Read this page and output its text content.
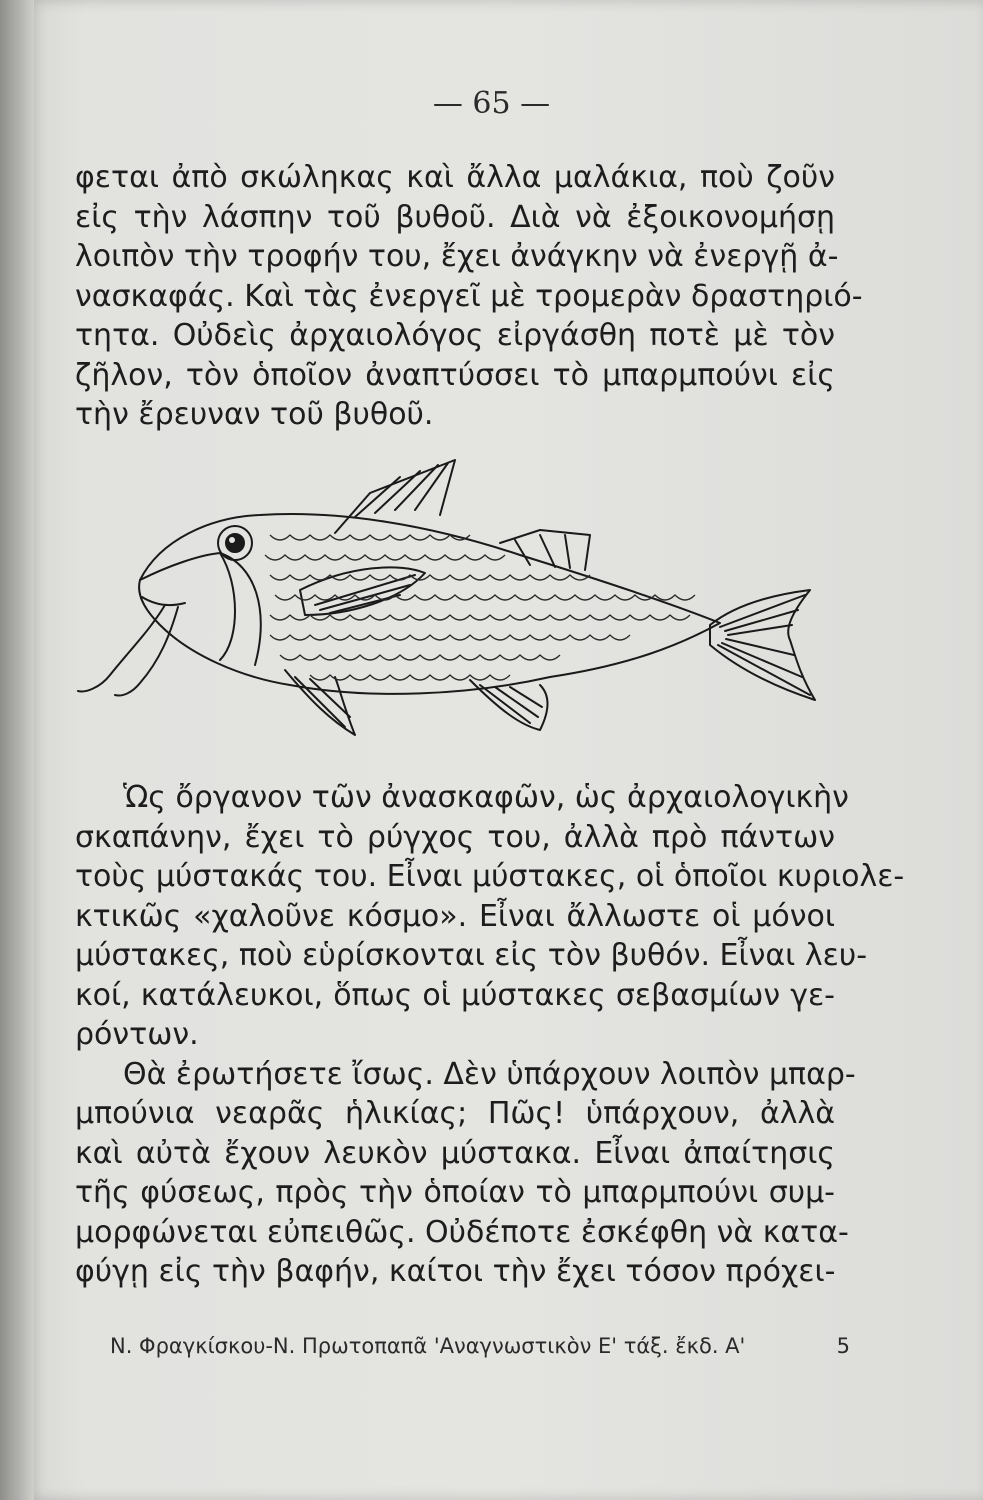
— 65 —
φεται ἀπὸ σκώληκας καὶ ἄλλα μαλάκια, ποὺ ζοῦν
εἰς τὴν λάσπην τοῦ βυθοῦ. Διὰ νὰ ἐξοικονομήσῃ
λοιπὸν τὴν τροφήν του, ἔχει ἀνάγκην νὰ ἐνεργῇ ἀ-
νασκαφάς. Καὶ τὰς ἐνεργεῖ μὲ τρομερὰν δραστηριό-
τητα. Οὐδεὶς ἀρχαιολόγος εἰργάσθη ποτὲ μὲ τὸν
ζῆλον, τὸν ὁποῖον ἀναπτύσσει τὸ μπαρμπούνι εἰς
τὴν ἔρευναν τοῦ βυθοῦ.
Ὡς ὄργανον τῶν ἀνασκαφῶν, ὡς ἀρχαιολογικὴν
σκαπάνην, ἔχει τὸ ρύγχος του, ἀλλὰ πρὸ πάντων
τοὺς μύστακάς του. Εἶναι μύστακες, οἱ ὁποῖοι κυριολε-
κτικῶς «χαλοῦνε κόσμο». Εἶναι ἄλλωστε οἱ μόνοι
μύστακες, ποὺ εὑρίσκονται εἰς τὸν βυθόν. Εἶναι λευ-
κοί, κατάλευκοι, ὅπως οἱ μύστακες σεβασμίων γε-
ρόντων.
Θὰ ἐρωτήσετε ἴσως. Δὲν ὑπάρχουν λοιπὸν μπαρ-
μπούνια νεαρᾶς ἡλικίας; Πῶς! ὑπάρχουν, ἀλλὰ
καὶ αὐτὰ ἔχουν λευκὸν μύστακα. Εἶναι ἀπαίτησις
τῆς φύσεως, πρὸς τὴν ὁποίαν τὸ μπαρμπούνι συμ-
μορφώνεται εὐπειθῶς. Οὐδέποτε ἐσκέφθη νὰ κατα-
φύγῃ εἰς τὴν βαφήν, καίτοι τὴν ἔχει τόσον πρόχει-
Ν. Φραγκίσκου-Ν. Πρωτοπαπᾶ 'Αναγνωστικὸν Ε' τάξ. ἔκδ. Α'	5
